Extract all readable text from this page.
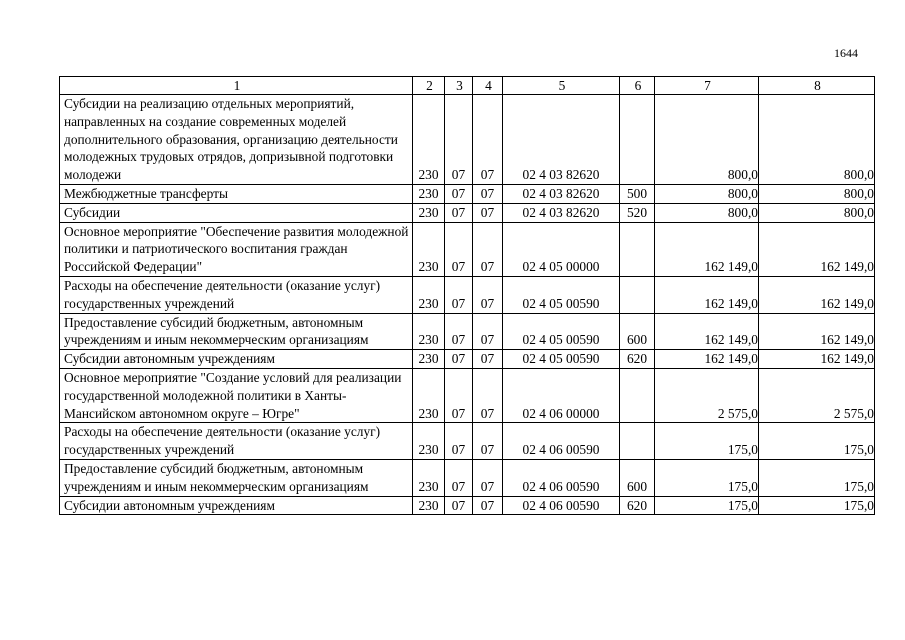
1644
1	2	3	4	5	6	7	8
Субсидии на реализацию отдельных мероприятий, направленных на создание современных моделей дополнительного образования, организацию деятельности молодежных трудовых отрядов, допризывной подготовки молодежи	230	07	07	02 4 03 82620		800,0	800,0
Межбюджетные трансферты	230	07	07	02 4 03 82620	500	800,0	800,0
Субсидии	230	07	07	02 4 03 82620	520	800,0	800,0
Основное мероприятие "Обеспечение развития молодежной политики и патриотического воспитания граждан Российской Федерации"	230	07	07	02 4 05 00000		162 149,0	162 149,0
Расходы на обеспечение деятельности (оказание услуг) государственных учреждений	230	07	07	02 4 05 00590		162 149,0	162 149,0
Предоставление субсидий бюджетным, автономным учреждениям и иным некоммерческим организациям	230	07	07	02 4 05 00590	600	162 149,0	162 149,0
Субсидии автономным учреждениям	230	07	07	02 4 05 00590	620	162 149,0	162 149,0
Основное мероприятие "Создание условий для реализации государственной молодежной политики в Ханты-Мансийском автономном округе – Югре"	230	07	07	02 4 06 00000		2 575,0	2 575,0
Расходы на обеспечение деятельности (оказание услуг) государственных учреждений	230	07	07	02 4 06 00590		175,0	175,0
Предоставление субсидий бюджетным, автономным учреждениям и иным некоммерческим организациям	230	07	07	02 4 06 00590	600	175,0	175,0
Субсидии автономным учреждениям	230	07	07	02 4 06 00590	620	175,0	175,0
